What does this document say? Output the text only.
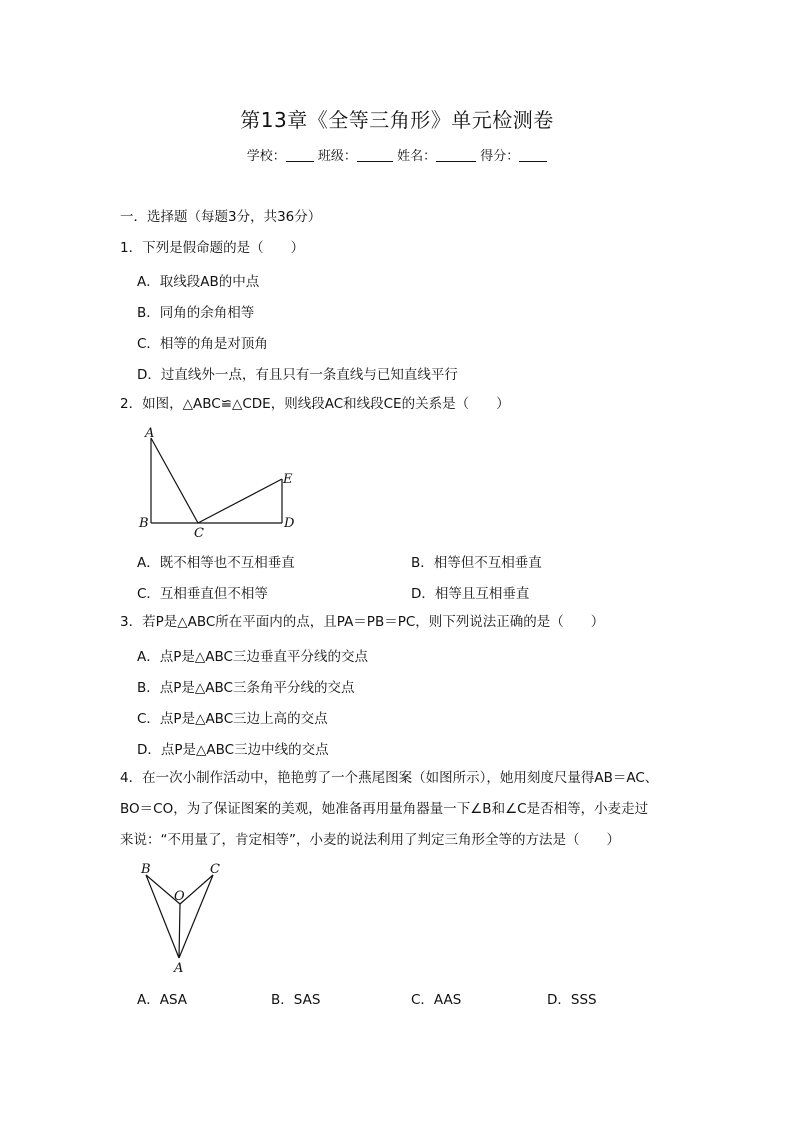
第13章《全等三角形》单元检测卷
学校： 班级：	姓名：	得分：
一．选择题（每题3分，共36分）
1．下列是假命题的是（　　）
A．取线段AB的中点
B．同角的余角相等
C．相等的角是对顶角
D．过直线外一点，有且只有一条直线与已知直线平行
2．如图，△ABC≌△CDE，则线段AC和线段CE的关系是（　　）
A
B
C
D
E
A．既不相等也不互相垂直	B．相等但不互相垂直
C．互相垂直但不相等	D．相等且互相垂直
3．若P是△ABC所在平面内的点，且PA＝PB＝PC，则下列说法正确的是（　　）
A．点P是△ABC三边垂直平分线的交点
B．点P是△ABC三条角平分线的交点
C．点P是△ABC三边上高的交点
D．点P是△ABC三边中线的交点
4．在一次小制作活动中，艳艳剪了一个燕尾图案（如图所示），她用刻度尺量得AB＝AC、
BO＝CO，为了保证图案的美观，她准备再用量角器量一下∠B和∠C是否相等，小麦走过
来说：“不用量了，肯定相等”，小麦的说法利用了判定三角形全等的方法是（　　）
B
O
C
A
A．ASA	B．SAS	C．AAS	D．SSS
